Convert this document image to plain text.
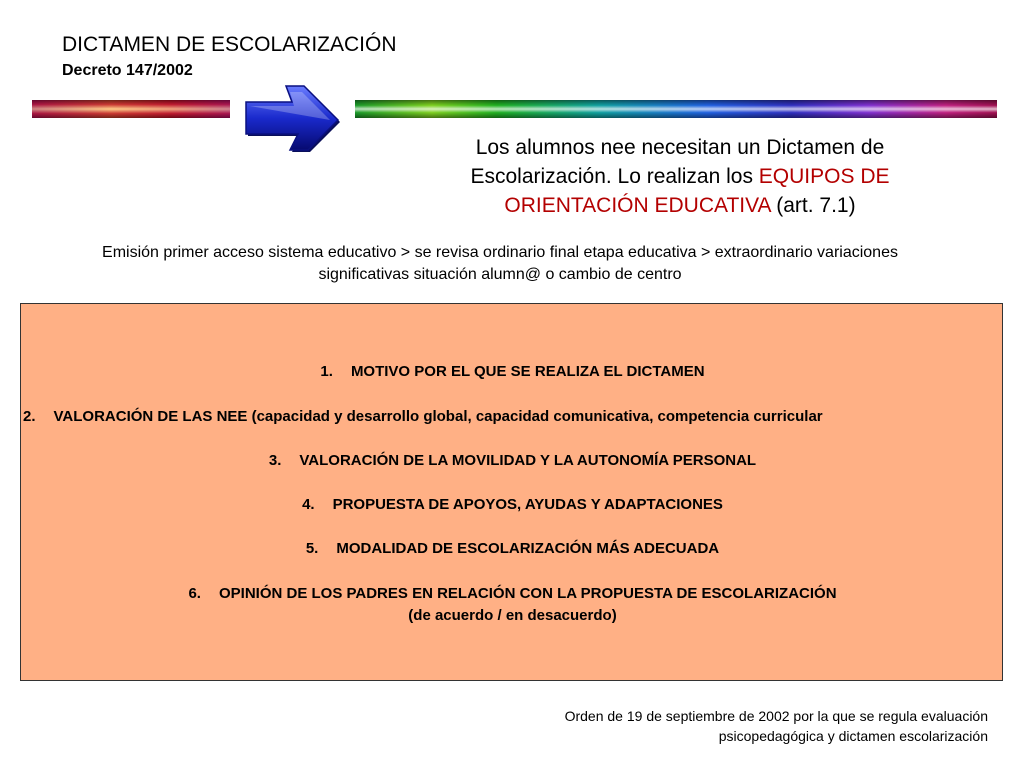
DICTAMEN DE ESCOLARIZACIÓN
Decreto 147/2002
Los alumnos nee necesitan un Dictamen de
Escolarización. Lo realizan los EQUIPOS DE
ORIENTACIÓN EDUCATIVA (art. 7.1)
Emisión primer acceso sistema educativo > se revisa ordinario final etapa educativa > extraordinario variaciones
significativas situación alumn@ o cambio de centro
1. MOTIVO POR EL QUE SE REALIZA EL DICTAMEN
2. VALORACIÓN DE LAS NEE (capacidad y desarrollo global, capacidad comunicativa, competencia curricular
3. VALORACIÓN DE LA MOVILIDAD Y LA AUTONOMÍA PERSONAL
4. PROPUESTA DE APOYOS, AYUDAS Y ADAPTACIONES
5. MODALIDAD DE ESCOLARIZACIÓN MÁS ADECUADA
6. OPINIÓN DE LOS PADRES EN RELACIÓN CON LA PROPUESTA DE ESCOLARIZACIÓN
(de acuerdo / en desacuerdo)
Orden de 19 de septiembre de 2002 por la que se regula evaluación
psicopedagógica y dictamen escolarización
